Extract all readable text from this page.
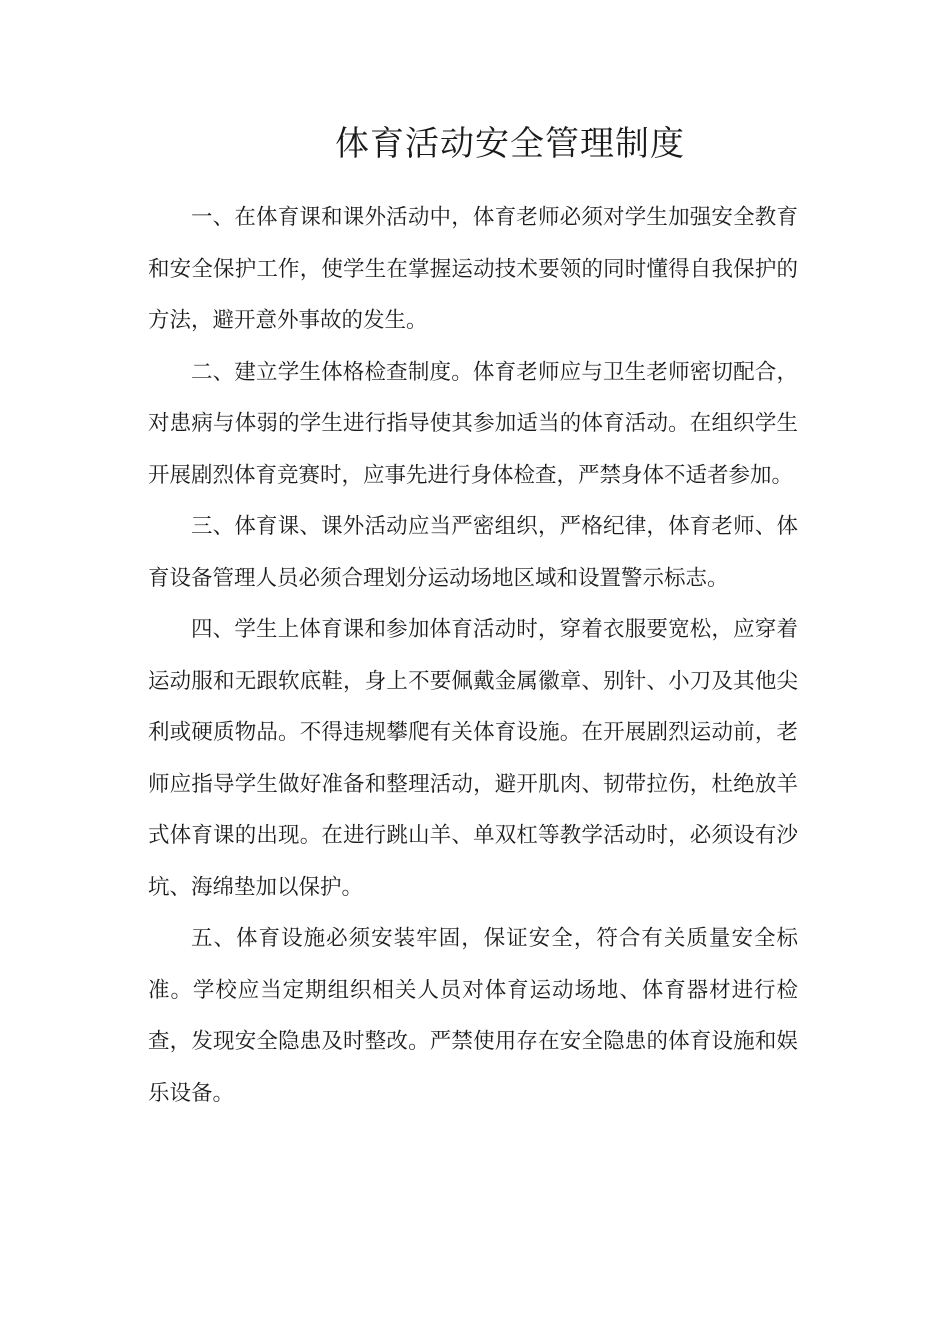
体育活动安全管理制度

一、在体育课和课外活动中，体育老师必须对学生加强安全教育和安全保护工作，使学生在掌握运动技术要领的同时懂得自我保护的方法，避开意外事故的发生。

二、建立学生体格检查制度。体育老师应与卫生老师密切配合，对患病与体弱的学生进行指导使其参加适当的体育活动。在组织学生开展剧烈体育竞赛时，应事先进行身体检查，严禁身体不适者参加。

三、体育课、课外活动应当严密组织，严格纪律，体育老师、体育设备管理人员必须合理划分运动场地区域和设置警示标志。

四、学生上体育课和参加体育活动时，穿着衣服要宽松，应穿着运动服和无跟软底鞋，身上不要佩戴金属徽章、别针、小刀及其他尖利或硬质物品。不得违规攀爬有关体育设施。在开展剧烈运动前，老师应指导学生做好准备和整理活动，避开肌肉、韧带拉伤，杜绝放羊式体育课的出现。在进行跳山羊、单双杠等教学活动时，必须设有沙坑、海绵垫加以保护。

五、体育设施必须安装牢固，保证安全，符合有关质量安全标准。学校应当定期组织相关人员对体育运动场地、体育器材进行检查，发现安全隐患及时整改。严禁使用存在安全隐患的体育设施和娱乐设备。
